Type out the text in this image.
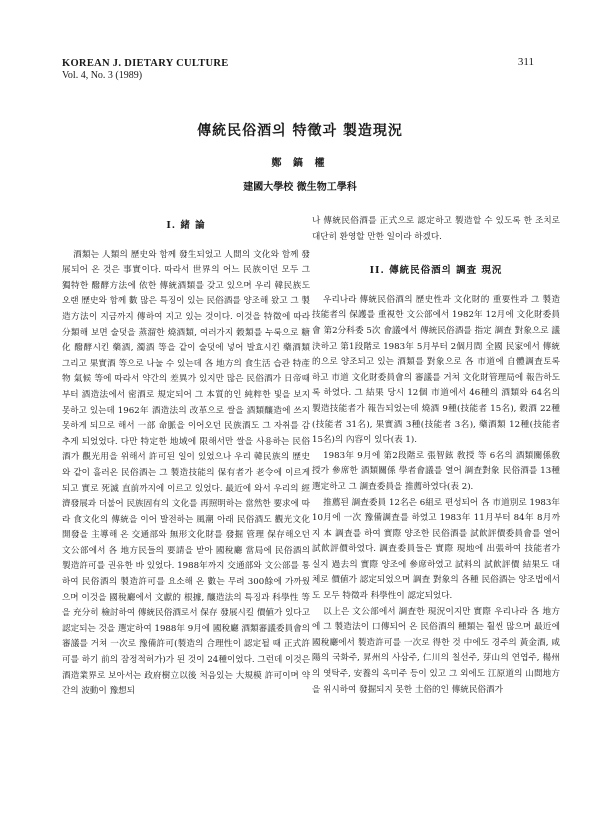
KOREAN J. DIETARY CULTURE
Vol. 4, No. 3 (1989)
311
傳統民俗酒의 特徵과 製造現況
鄭 鎬 權
建國大學校 微生物工學科
I. 緒 論

酒類는 人類의 歷史와 함께 發生되었고 人間의 文化와 함께 發展되어 온 것은 事實이다. 따라서 世界의 어느 民族이던 모두 그 獨特한 醱酵方法에 依한 傳統酒類를 갖고 있으며 우리 韓民族도 오랜 歷史와 함께 數 많은 특징이 있는 民俗酒를 양조해 왔고 그 製造方法이 지금까지 傳하여 지고 있는 것이다. 이것을 特徵에 따라 分類해 보면 술덧을 蒸溜한 燒酒類, 여러가지 穀類를 누룩으로 糖化 醱酵시킨 藥酒, 濁酒 等을 같이 술덧에 넣어 발효시킨 藥酒類 그리고 果實酒 等으로 나눌 수 있는데 各 地方의 食生活 습관 特產物 氣候 等에 따라서 약간의 差異가 있지만 많은 民俗酒가 日帝때부터 酒造法에서 密酒로 規定되어 그 本質的인 純粹한 빛을 보지 못하고 있는데 1962年 酒造法의 改革으로 쌀을 酒類釀造에 쓰지 못하게 되므로 해서 一部 命脈을 이어오던 民族酒도 그 자취를 감추게 되었었다. 다만 特定한 地域에 限해서만 쌀을 사용하는 民俗酒가 觀光用을 위해서 許可된 일이 있었으나 우리 韓民族의 歷史와 같이 흘러온 民俗酒는 그 製造技能의 保有者가 老令에 이르게 되고 實로 死滅 直前까지에 이르고 있었다. 最近에 와서 우리의 經濟發展과 더불어 民族固有의 文化를 再照明하는 當然한 要求에 따라 食文化의 傳統을 이어 발전하는 風潮 아래 民俗酒도 觀光文化開發을 主導해 온 交通部와 無形文化財를 發掘 管理 保存해오던 文公部에서 各 地方民들의 要請을 받아 國稅廳 當局에 民俗酒의 製造許可를 권유한 바 있었다. 1988年까지 交通部와 文公部를 통하여 民俗酒의 製造許可를 요소해 온 數는 무려 300餘에 가까웠으며 이것을 國稅廳에서 文獻的 根據, 釀造法의 특징과 科學性 等을 充分히 檢討하여 傳統民俗酒로서 保存 發展시킬 價値가 있다고 認定되는 것을 選定하여 1988年 9月에 國稅廳 酒類審議委員會의 審議를 거쳐 一次로 豫備許可(製造의 合理性이 認定될 때 正式許可를 하기 前의 잠정적허가)가 된 것이 24種이었다. 그런데 이것은 酒造業界로 보아서는 政府樹立以後 처음있는 大規模 許可이며 약간의 波動이 豫想되

나 傳統民俗酒를 正式으로 認定하고 製造할 수 있도록 한 조치로 대단히 환영할 만한 일이라 하겠다.

II. 傳統民俗酒의 調査 現況

우리나라 傳統民俗酒의 歷史性과 文化財的 重要性과 그 製造技能者의 保護를 重視한 文公部에서 1982年 12月에 文化財委員會 第2分科委 5次 會議에서 傳統民俗酒를 指定 調査 對象으로 議決하고 第1段階로 1983年 5月부터 2個月間 全國 民家에서 傳統的으로 양조되고 있는 酒類를 對象으로 各 市道에 自體調査토록 하고 市道 文化財委員會의 審議를 거쳐 文化財管理局에 報告하도록 하였다. 그 結果 당시 12個 市道에서 46種의 酒類와 64名의 製造技能者가 報告되었는데 燒酒 9種(技能者 15名), 穀酒 22種(技能者 31名), 果實酒 3種(技能者 3名), 藥酒類 12種(技能者 15名)의 內容이 있다(表 1).

1983年 9月에 第2段階로 張智鉉 敎授 等 6名의 酒類關係敎授가 參席한 酒類關係 學者會議를 열어 調査對象 民俗酒를 13種 選定하고 그 調査委員을 推薦하였다(表 2).

推薦된 調査委員 12名은 6組로 편성되어 各 市道別로 1983年 10月에 一次 豫備調査를 하였고 1983年 11月부터 84年 8月까지 本 調査를 하여 實際 양조한 民俗酒를 試飮評價委員會를 열어 試飮評價하였다. 調査委員들은 實際 現地에 出張하여 技能者가 실지 過去의 實際 양조에 參席하였고 試料의 試飮評價 結果도 대체로 價値가 認定되었으며 調査 對象의 各種 民俗酒는 양조법에서도 모두 特徵과 科學性이 認定되었다.

以上은 文公部에서 調査한 現況이지만 實際 우리나라 各 地方에 그 製造法이 口傳되어 온 民俗酒의 種類는 훨씬 많으며 最近에 國稅廳에서 製造許可를 一次로 得한 것 中에도 경주의 黃金酒, 咸陽의 국화주, 昇州의 사삼주, 仁川의 칠선주, 芽山의 연엽주, 楊州의 엿탁주, 安養의 옥미주 등이 있고 그 외에도 江原道의 山間地方을 위시하여 發掘되지 못한 土俗的인 傳統民俗酒가
